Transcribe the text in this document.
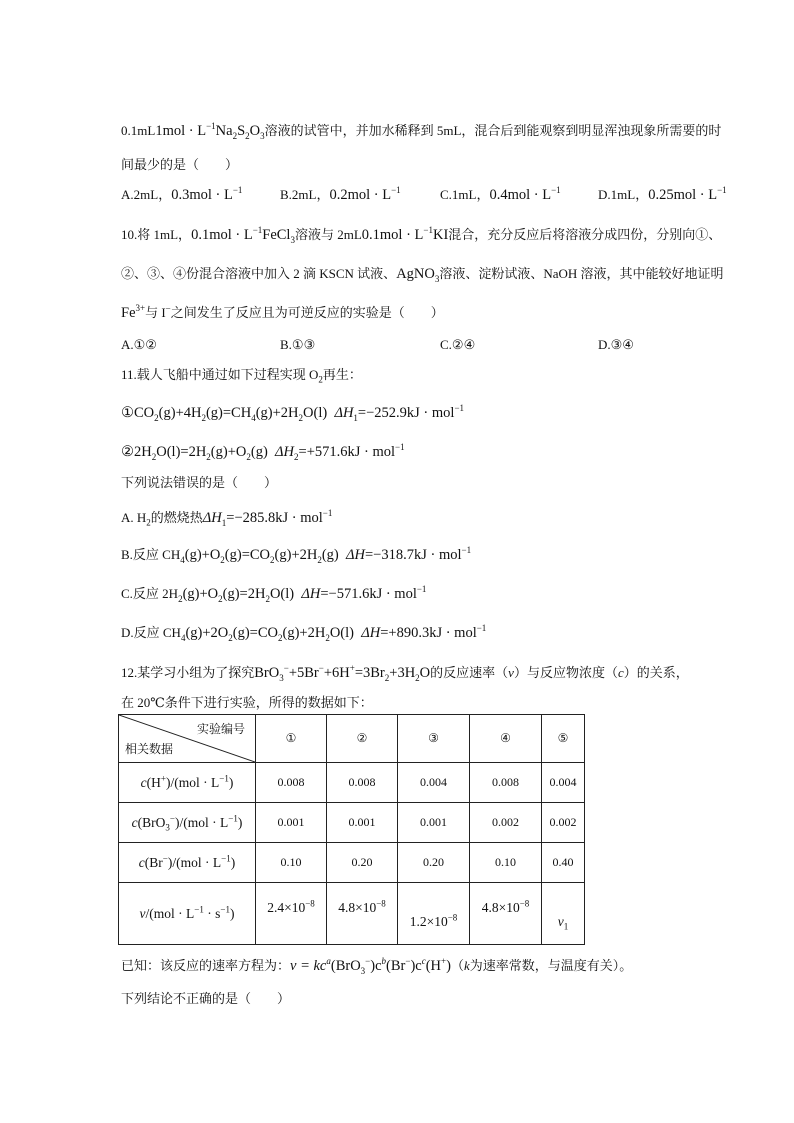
$0.1mL1mol \cdot L^{-1}Na_2S_2O_3$溶液的试管中，并加水稀释到 5mL，混合后到能观察到明显浑浊现象所需要的时
间最少的是（　　）
A.2mL，$0.3mol \cdot L^{-1}$	B.2mL，$0.2mol \cdot L^{-1}$	C.1mL，$0.4mol \cdot L^{-1}$	D.1mL，$0.25mol \cdot L^{-1}$
10.将 1mL，$0.1mol \cdot L^{-1}FeCl_3$溶液与 $2mL0.1mol \cdot L^{-1}KI$混合，充分反应后将溶液分成四份，分别向①、
②、③、④份混合溶液中加入 2 滴 KSCN 试液、AgNO$_3$溶液、淀粉试液、NaOH 溶液，其中能较好地证明
$Fe^{3+}$与 I−之间发生了反应且为可逆反应的实验是（　　）
A.①②	B.①③	C.②④	D.③④
11.载人飞船中通过如下过程实现 $O_2$再生：
$①CO_2(g)+4H_2(g)=CH_4(g)+2H_2O(l) \Delta H_1=-252.9kJ \cdot mol^{-1}$
$②2H_2O(l)=2H_2(g)+O_2(g) \Delta H_2=+571.6kJ \cdot mol^{-1}$
下列说法错误的是（　　）
A. $H_2$的燃烧热$\Delta H_1=-285.8kJ \cdot mol^{-1}$
B.反应 $CH_4(g)+O_2(g)=CO_2(g)+2H_2(g) \Delta H=-318.7kJ \cdot mol^{-1}$
C.反应 $2H_2(g)+O_2(g)=2H_2O(l) \Delta H=-571.6kJ \cdot mol^{-1}$
D.反应 $CH_4(g)+2O_2(g)=CO_2(g)+2H_2O(l) \Delta H=+890.3kJ \cdot mol^{-1}$
12.某学习小组为了探究$BrO_3^-+5Br^-+6H^+=3Br_2+3H_2O$的反应速率（v）与反应物浓度（c）的关系，
在 20℃条件下进行实验，所得的数据如下：
实验编号
相关数据	①	②	③	④	⑤
$c(H^+)/(mol \cdot L^{-1})$	0.008	0.008	0.004	0.008	0.004
$c(BrO_3^-)/(mol \cdot L^{-1})$	0.001	0.001	0.001	0.002	0.002
$c(Br^-)/(mol \cdot L^{-1})$	0.10	0.20	0.20	0.10	0.40
$v/(mol \cdot L^{-1} \cdot s^{-1})$	$2.4\times 10^{-8}$	$4.8\times 10^{-8}$	$1.2\times 10^{-8}$	$4.8\times 10^{-8}$	$v_1$
已知：该反应的速率方程为：$v = kc^a(BrO_3^-)c^b(Br^-)c^c(H^+)(k$为速率常数，与温度有关）。
下列结论不正确的是（　　）
